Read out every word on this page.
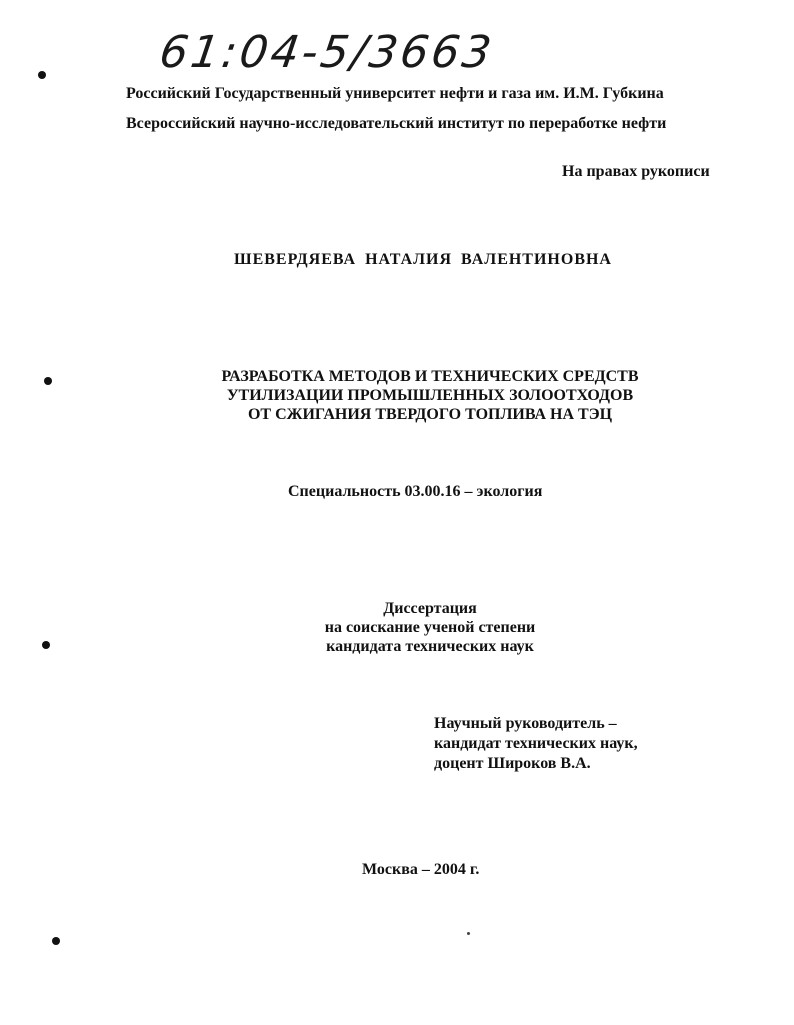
61:04-5/3663
Российский Государственный университет нефти и газа им. И.М. Губкина
Всероссийский научно-исследовательский институт по переработке нефти
На правах рукописи
ШЕВЕРДЯЕВА НАТАЛИЯ ВАЛЕНТИНОВНА
РАЗРАБОТКА МЕТОДОВ И ТЕХНИЧЕСКИХ СРЕДСТВ
УТИЛИЗАЦИИ ПРОМЫШЛЕННЫХ ЗОЛООТХОДОВ
ОТ СЖИГАНИЯ ТВЕРДОГО ТОПЛИВА НА ТЭЦ
Специальность 03.00.16 – экология
Диссертация
на соискание ученой степени
кандидата технических наук
Научный руководитель –
кандидат технических наук,
доцент Широков В.А.
Москва – 2004 г.
